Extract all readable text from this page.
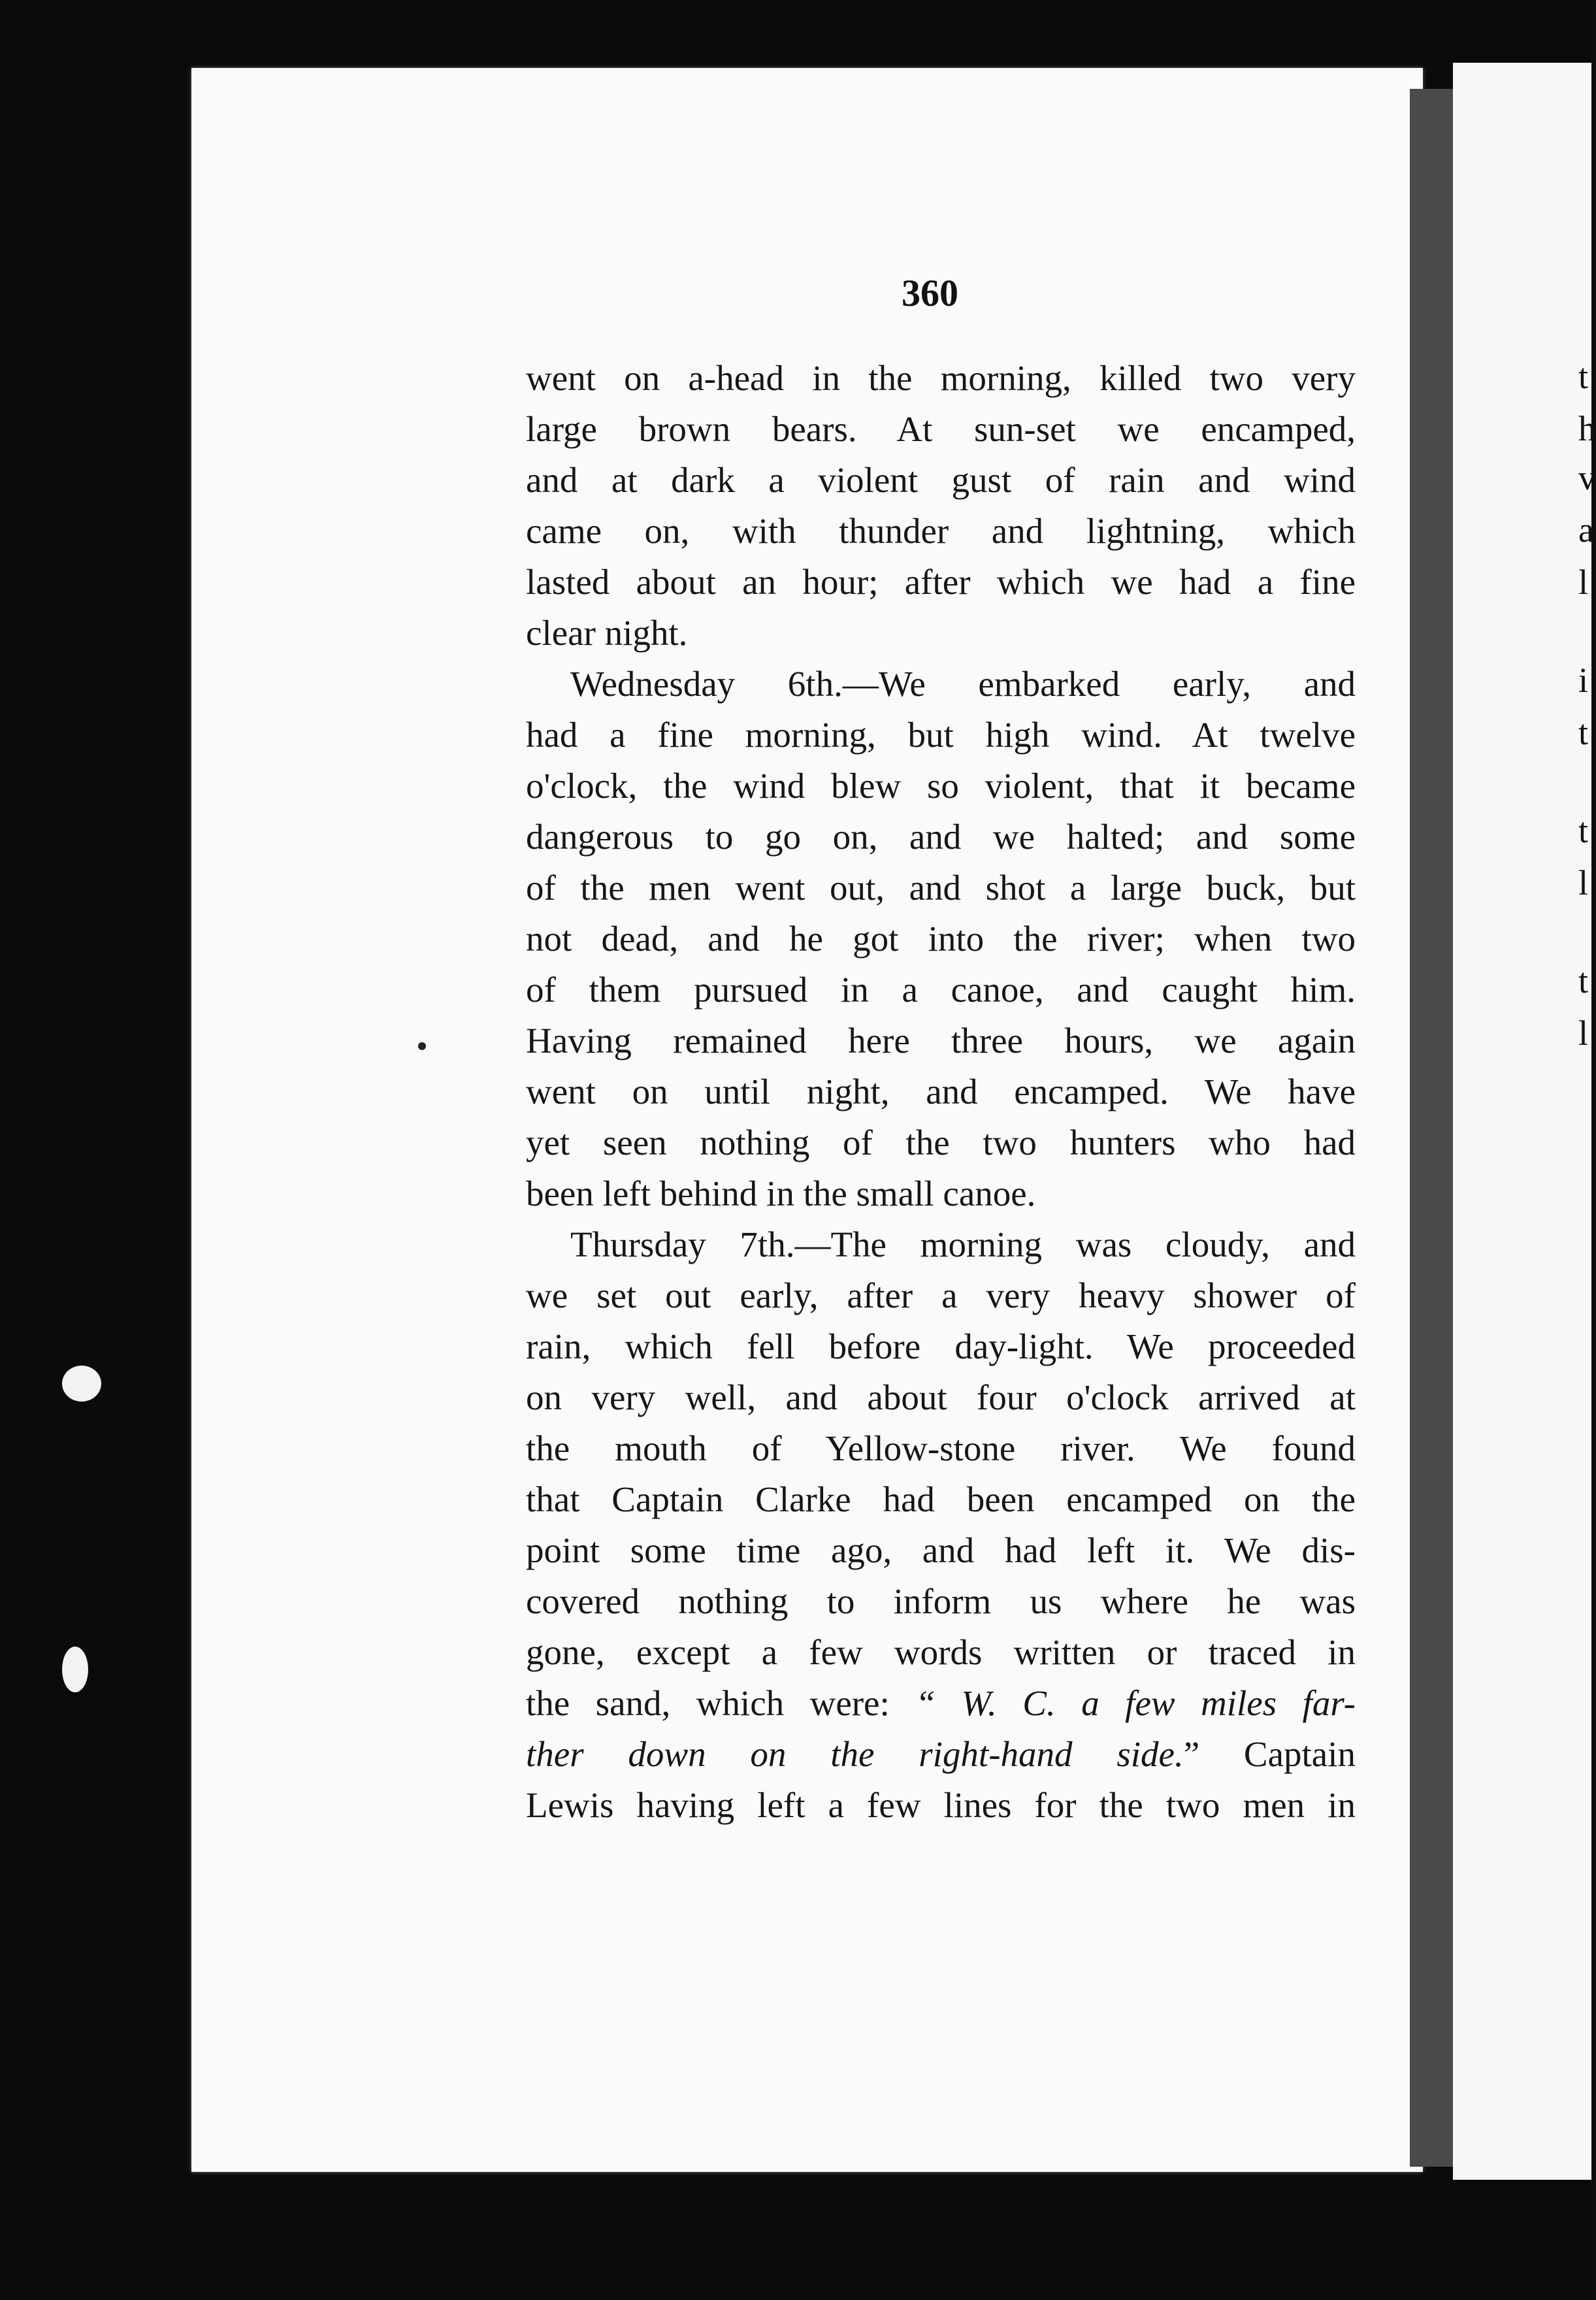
t
h
v
a
l
i
t
t
l
t
l
360

went on a-head in the morning, killed two very
large brown bears. At sun-set we encamped,
and at dark a violent gust of rain and wind
came on, with thunder and lightning, which
lasted about an hour; after which we had a fine
clear night.

Wednesday 6th.—We embarked early, and
had a fine morning, but high wind. At twelve
o'clock, the wind blew so violent, that it became
dangerous to go on, and we halted; and some
of the men went out, and shot a large buck, but
not dead, and he got into the river; when two
of them pursued in a canoe, and caught him.
Having remained here three hours, we again
went on until night, and encamped. We have
yet seen nothing of the two hunters who had
been left behind in the small canoe.

Thursday 7th.—The morning was cloudy, and
we set out early, after a very heavy shower of
rain, which fell before day-light. We proceeded
on very well, and about four o'clock arrived at
the mouth of Yellow-stone river. We found
that Captain Clarke had been encamped on the
point some time ago, and had left it. We dis-
covered nothing to inform us where he was
gone, except a few words written or traced in
the sand, which were: “ W. C. a few miles far-
ther down on the right-hand side.” Captain
Lewis having left a few lines for the two men in
